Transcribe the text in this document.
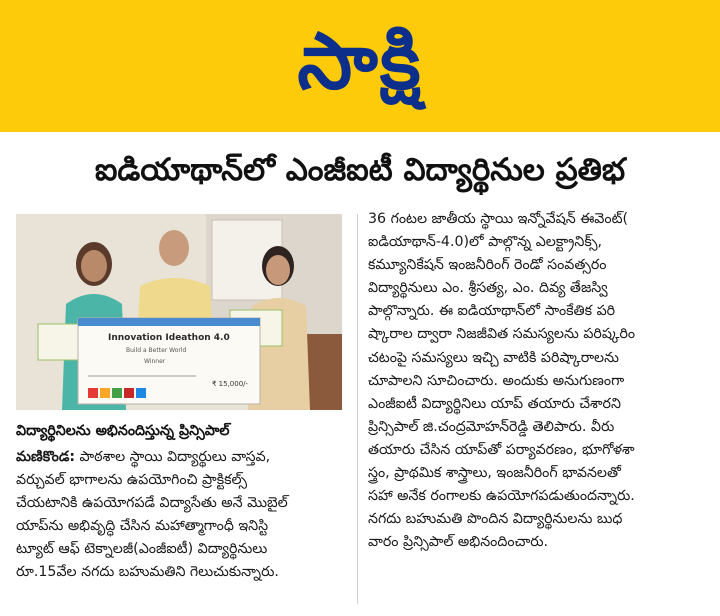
సాక్షి
ఐడియాథాన్‌లో ఎంజీఐటీ విద్యార్థినుల ప్రతిభ
Innovation Ideathon 4.0
Build a Better World
Winner
₹ 15,000/-
విద్యార్థినిలను అభినందిస్తున్న ప్రిన్సిపాల్
మణికొండ: పాఠశాల స్థాయి విద్యార్థులు వాస్తవ,
వర్చువల్ భాగాలను ఉపయోగించి ప్రాక్టికల్స్
చేయటానికి ఉపయోగపడే విద్యాసేతు అనే మొబైల్
యాప్‌ను అభివృద్ధి చేసిన మహాత్మాగాంధీ ఇనిస్టి
ట్యూట్ ఆఫ్ టెక్నాలజీ(ఎంజీఐటీ) విద్యార్థినులు
రూ.15వేల నగదు బహుమతిని గెలుచుకున్నారు.
36 గంటల జాతీయ స్థాయి ఇన్నోవేషన్ ఈవెంట్(
ఐడియాథాన్-4.0)లో పాల్గొన్న ఎలక్ట్రానిక్స్,
కమ్యూనికేషన్ ఇంజనీరింగ్ రెండో సంవత్సరం
విద్యార్థినులు ఎం. శ్రీసత్య, ఎం. దివ్య తేజస్వి
పాల్గొన్నారు. ఈ ఐడియాథాన్‌లో సాంకేతిక పరి
ష్కారాల ద్వారా నిజజీవిత సమస్యలను పరిష్కరిం
చటంపై సమస్యలు ఇచ్చి వాటికి పరిష్కారాలను
చూపాలని సూచించారు. అందుకు అనుగుణంగా
ఎంజీఐటీ విద్యార్థినిలు యాప్ తయారు చేశారని
ప్రిన్సిపాల్ జి.చంద్రమోహన్‌రెడ్డి తెలిపారు. వీరు
తయారు చేసిన యాప్‌తో పర్యావరణం, భూగోళశా
స్త్రం, ప్రాథమిక శాస్త్రాలు, ఇంజనీరింగ్ భావనలతో
సహా అనేక రంగాలకు ఉపయోగపడుతుందన్నారు.
నగదు బహుమతి పొందిన విద్యార్థినులను బుధ
వారం ప్రిన్సిపాల్ అభినందించారు.
